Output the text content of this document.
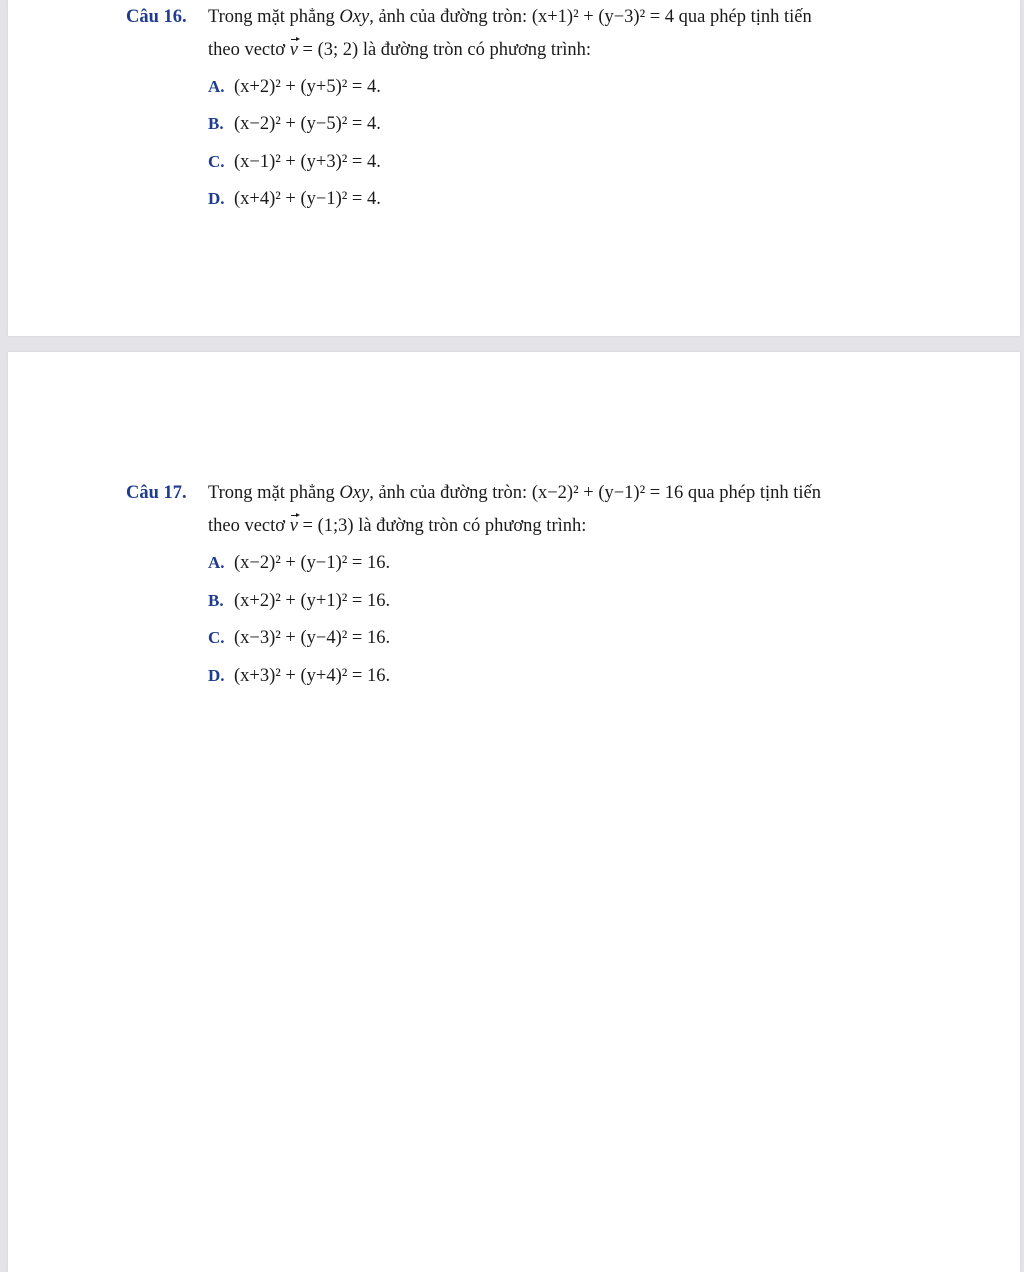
Câu 16. Trong mặt phẳng Oxy, ảnh của đường tròn: (x+1)² + (y−3)² = 4 qua phép tịnh tiến
theo vectơ v = (3; 2) là đường tròn có phương trình:
A. (x+2)² + (y+5)² = 4.
B. (x−2)² + (y−5)² = 4.
C. (x−1)² + (y+3)² = 4.
D. (x+4)² + (y−1)² = 4.
Câu 17. Trong mặt phẳng Oxy, ảnh của đường tròn: (x−2)² + (y−1)² = 16 qua phép tịnh tiến
theo vectơ v = (1;3) là đường tròn có phương trình:
A. (x−2)² + (y−1)² = 16.
B. (x+2)² + (y+1)² = 16.
C. (x−3)² + (y−4)² = 16.
D. (x+3)² + (y+4)² = 16.
